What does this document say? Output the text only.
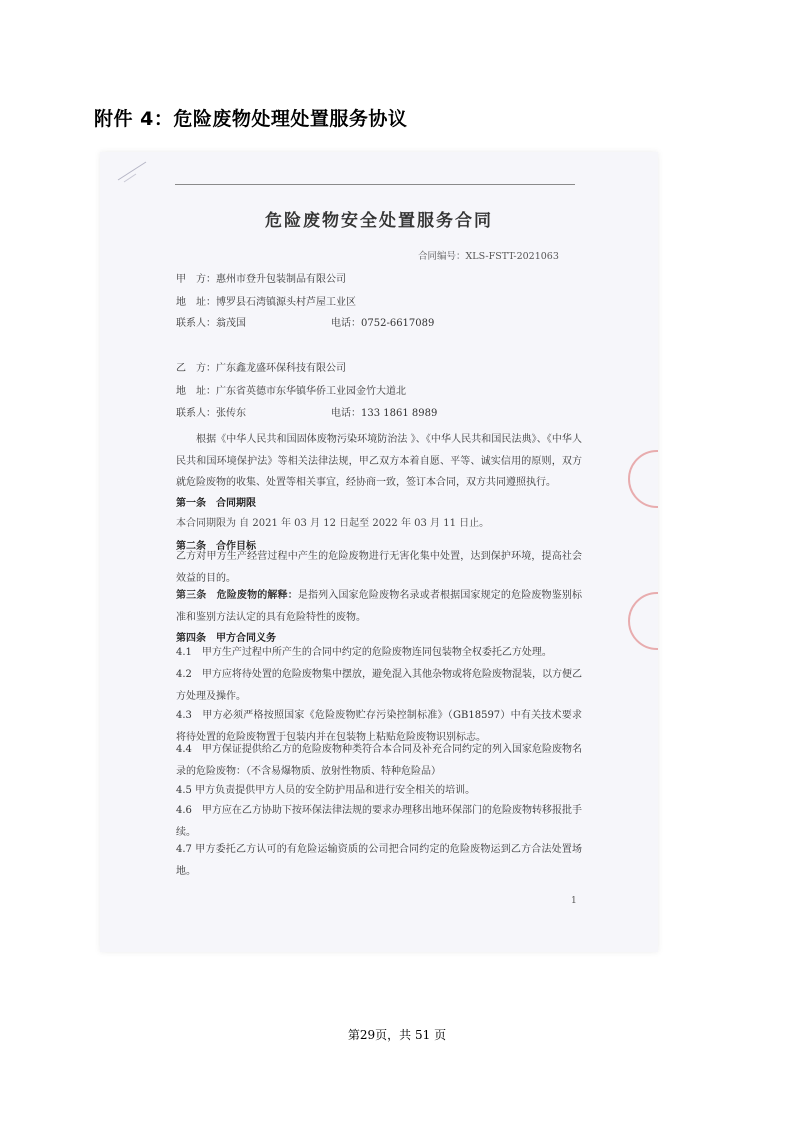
附件 4：危险废物处理处置服务协议
危险废物安全处置服务合同
合同编号：XLS-FSTT-2021063
甲　方：惠州市登升包装制品有限公司
地　址：博罗县石湾镇源头村芦屋工业区
联系人：翁茂国	电话：0752-6617089
乙　方：广东鑫龙盛环保科技有限公司
地　址：广东省英德市东华镇华侨工业园金竹大道北
联系人：张传东	电话：133 1861 8989

根据《中华人民共和国固体废物污染环境防治法 》、《中华人民共和国民法典》、《中华人民共和国环境保护法》等相关法律法规，甲乙双方本着自愿、平等、诚实信用的原则，双方就危险废物的收集、处置等相关事宜，经协商一致，签订本合同，双方共同遵照执行。

第一条　合同期限
本合同期限为 自 2021 年 03 月 12 日起至 2022 年 03 月 11 日止。
第二条　合作目标

乙方对甲方生产经营过程中产生的危险废物进行无害化集中处置，达到保护环境，提高社会效益的目的。

第三条　危险废物的解释：是指列入国家危险废物名录或者根据国家规定的危险废物鉴别标准和鉴别方法认定的具有危险特性的废物。

第四条　甲方合同义务

4.1　甲方生产过程中所产生的合同中约定的危险废物连同包装物全权委托乙方处理。

4.2　甲方应将待处置的危险废物集中摆放，避免混入其他杂物或将危险废物混装，以方便乙方处理及操作。

4.3　甲方必须严格按照国家《危险废物贮存污染控制标准》（GB18597）中有关技术要求将待处置的危险废物置于包装内并在包装物上粘贴危险废物识别标志。

4.4　甲方保证提供给乙方的危险废物种类符合本合同及补充合同约定的列入国家危险废物名录的危险废物：（不含易爆物质、放射性物质、特种危险品）

4.5 甲方负责提供甲方人员的安全防护用品和进行安全相关的培训。

4.6　甲方应在乙方协助下按环保法律法规的要求办理移出地环保部门的危险废物转移报批手续。

4.7 甲方委托乙方认可的有危险运输资质的公司把合同约定的危险废物运到乙方合法处置场地。

1

第29页，共 51 页
